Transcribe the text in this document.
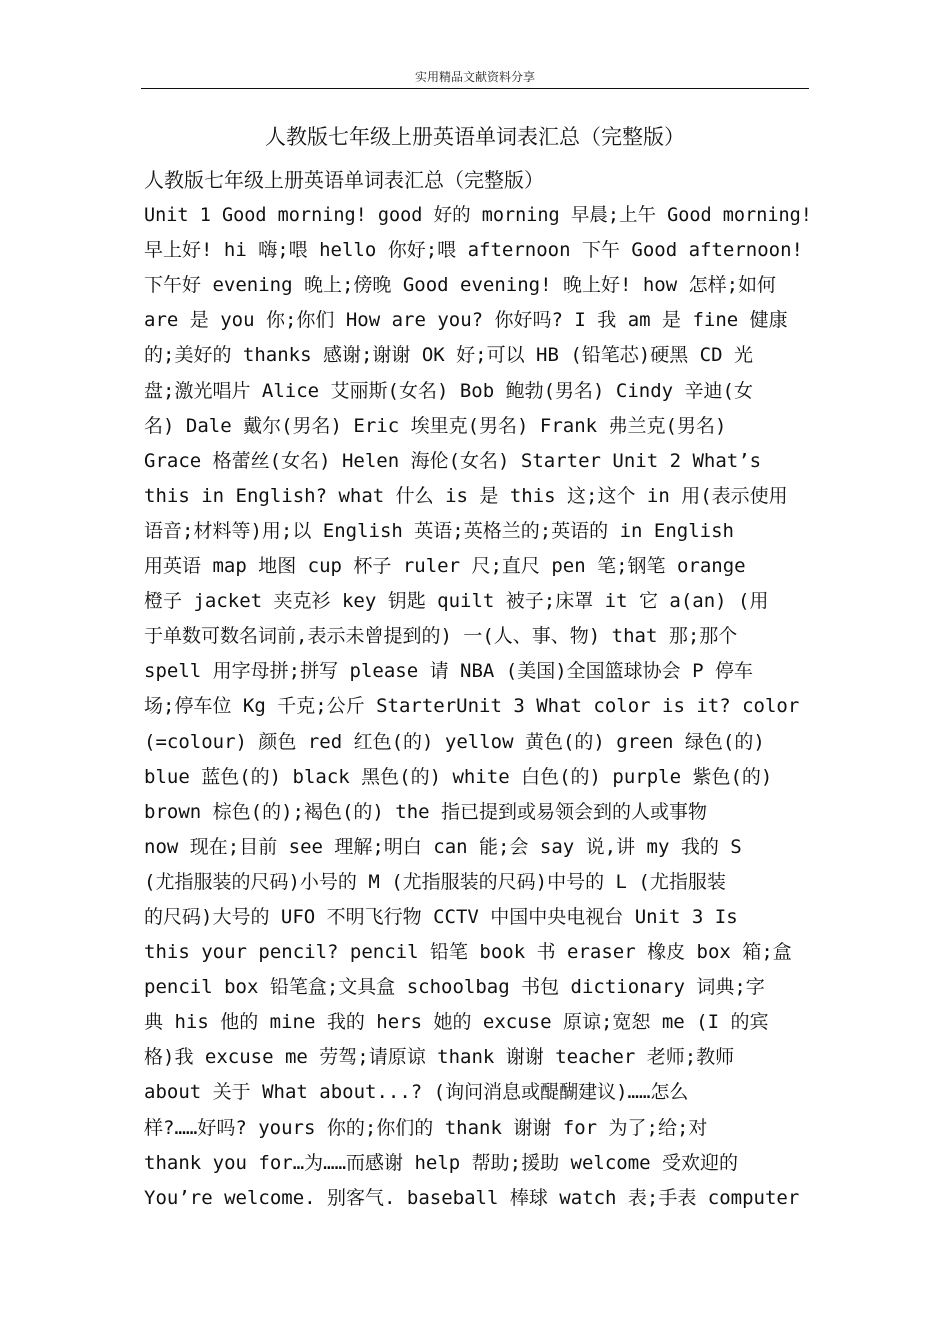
实用精品文献资料分享
人教版七年级上册英语单词表汇总（完整版）
人教版七年级上册英语单词表汇总（完整版）
Unit 1 Good morning! good 好的 morning 早晨;上午 Good morning!
早上好! hi 嗨;喂 hello 你好;喂 afternoon 下午 Good afternoon!
下午好 evening 晚上;傍晚 Good evening! 晚上好! how 怎样;如何
are 是 you 你;你们 How are you? 你好吗? I 我 am 是 fine 健康
的;美好的 thanks 感谢;谢谢 OK 好;可以 HB (铅笔芯)硬黑 CD 光
盘;激光唱片 Alice 艾丽斯(女名) Bob 鲍勃(男名) Cindy 辛迪(女
名) Dale 戴尔(男名) Eric 埃里克(男名) Frank 弗兰克(男名)
Grace 格蕾丝(女名) Helen 海伦(女名) Starter Unit 2 What’s
this in English? what 什么 is 是 this 这;这个 in 用(表示使用
语音;材料等)用;以 English 英语;英格兰的;英语的 in English
用英语 map 地图 cup 杯子 ruler 尺;直尺 pen 笔;钢笔 orange
橙子 jacket 夹克衫 key 钥匙 quilt 被子;床罩 it 它 a(an) (用
于单数可数名词前,表示未曾提到的) 一(人、事、物) that 那;那个
spell 用字母拼;拼写 please 请 NBA (美国)全国篮球协会 P 停车
场;停车位 Kg 千克;公斤 StarterUnit 3 What color is it? color
(=colour) 颜色 red 红色(的) yellow 黄色(的) green 绿色(的)
blue 蓝色(的) black 黑色(的) white 白色(的) purple 紫色(的)
brown 棕色(的);褐色(的) the 指已提到或易领会到的人或事物
now 现在;目前 see 理解;明白 can 能;会 say 说,讲 my 我的 S
(尤指服装的尺码)小号的 M (尤指服装的尺码)中号的 L (尤指服装
的尺码)大号的 UFO 不明飞行物 CCTV 中国中央电视台 Unit 3 Is
this your pencil? pencil 铅笔 book 书 eraser 橡皮 box 箱;盒
pencil box 铅笔盒;文具盒 schoolbag 书包 dictionary 词典;字
典 his 他的 mine 我的 hers 她的 excuse 原谅;宽恕 me (I 的宾
格)我 excuse me 劳驾;请原谅 thank 谢谢 teacher 老师;教师
about 关于 What about...? (询问消息或醍醐建议)……怎么
样?……好吗? yours 你的;你们的 thank 谢谢 for 为了;给;对
thank you for…为……而感谢 help 帮助;援助 welcome 受欢迎的
You’re welcome. 别客气. baseball 棒球 watch 表;手表 computer
